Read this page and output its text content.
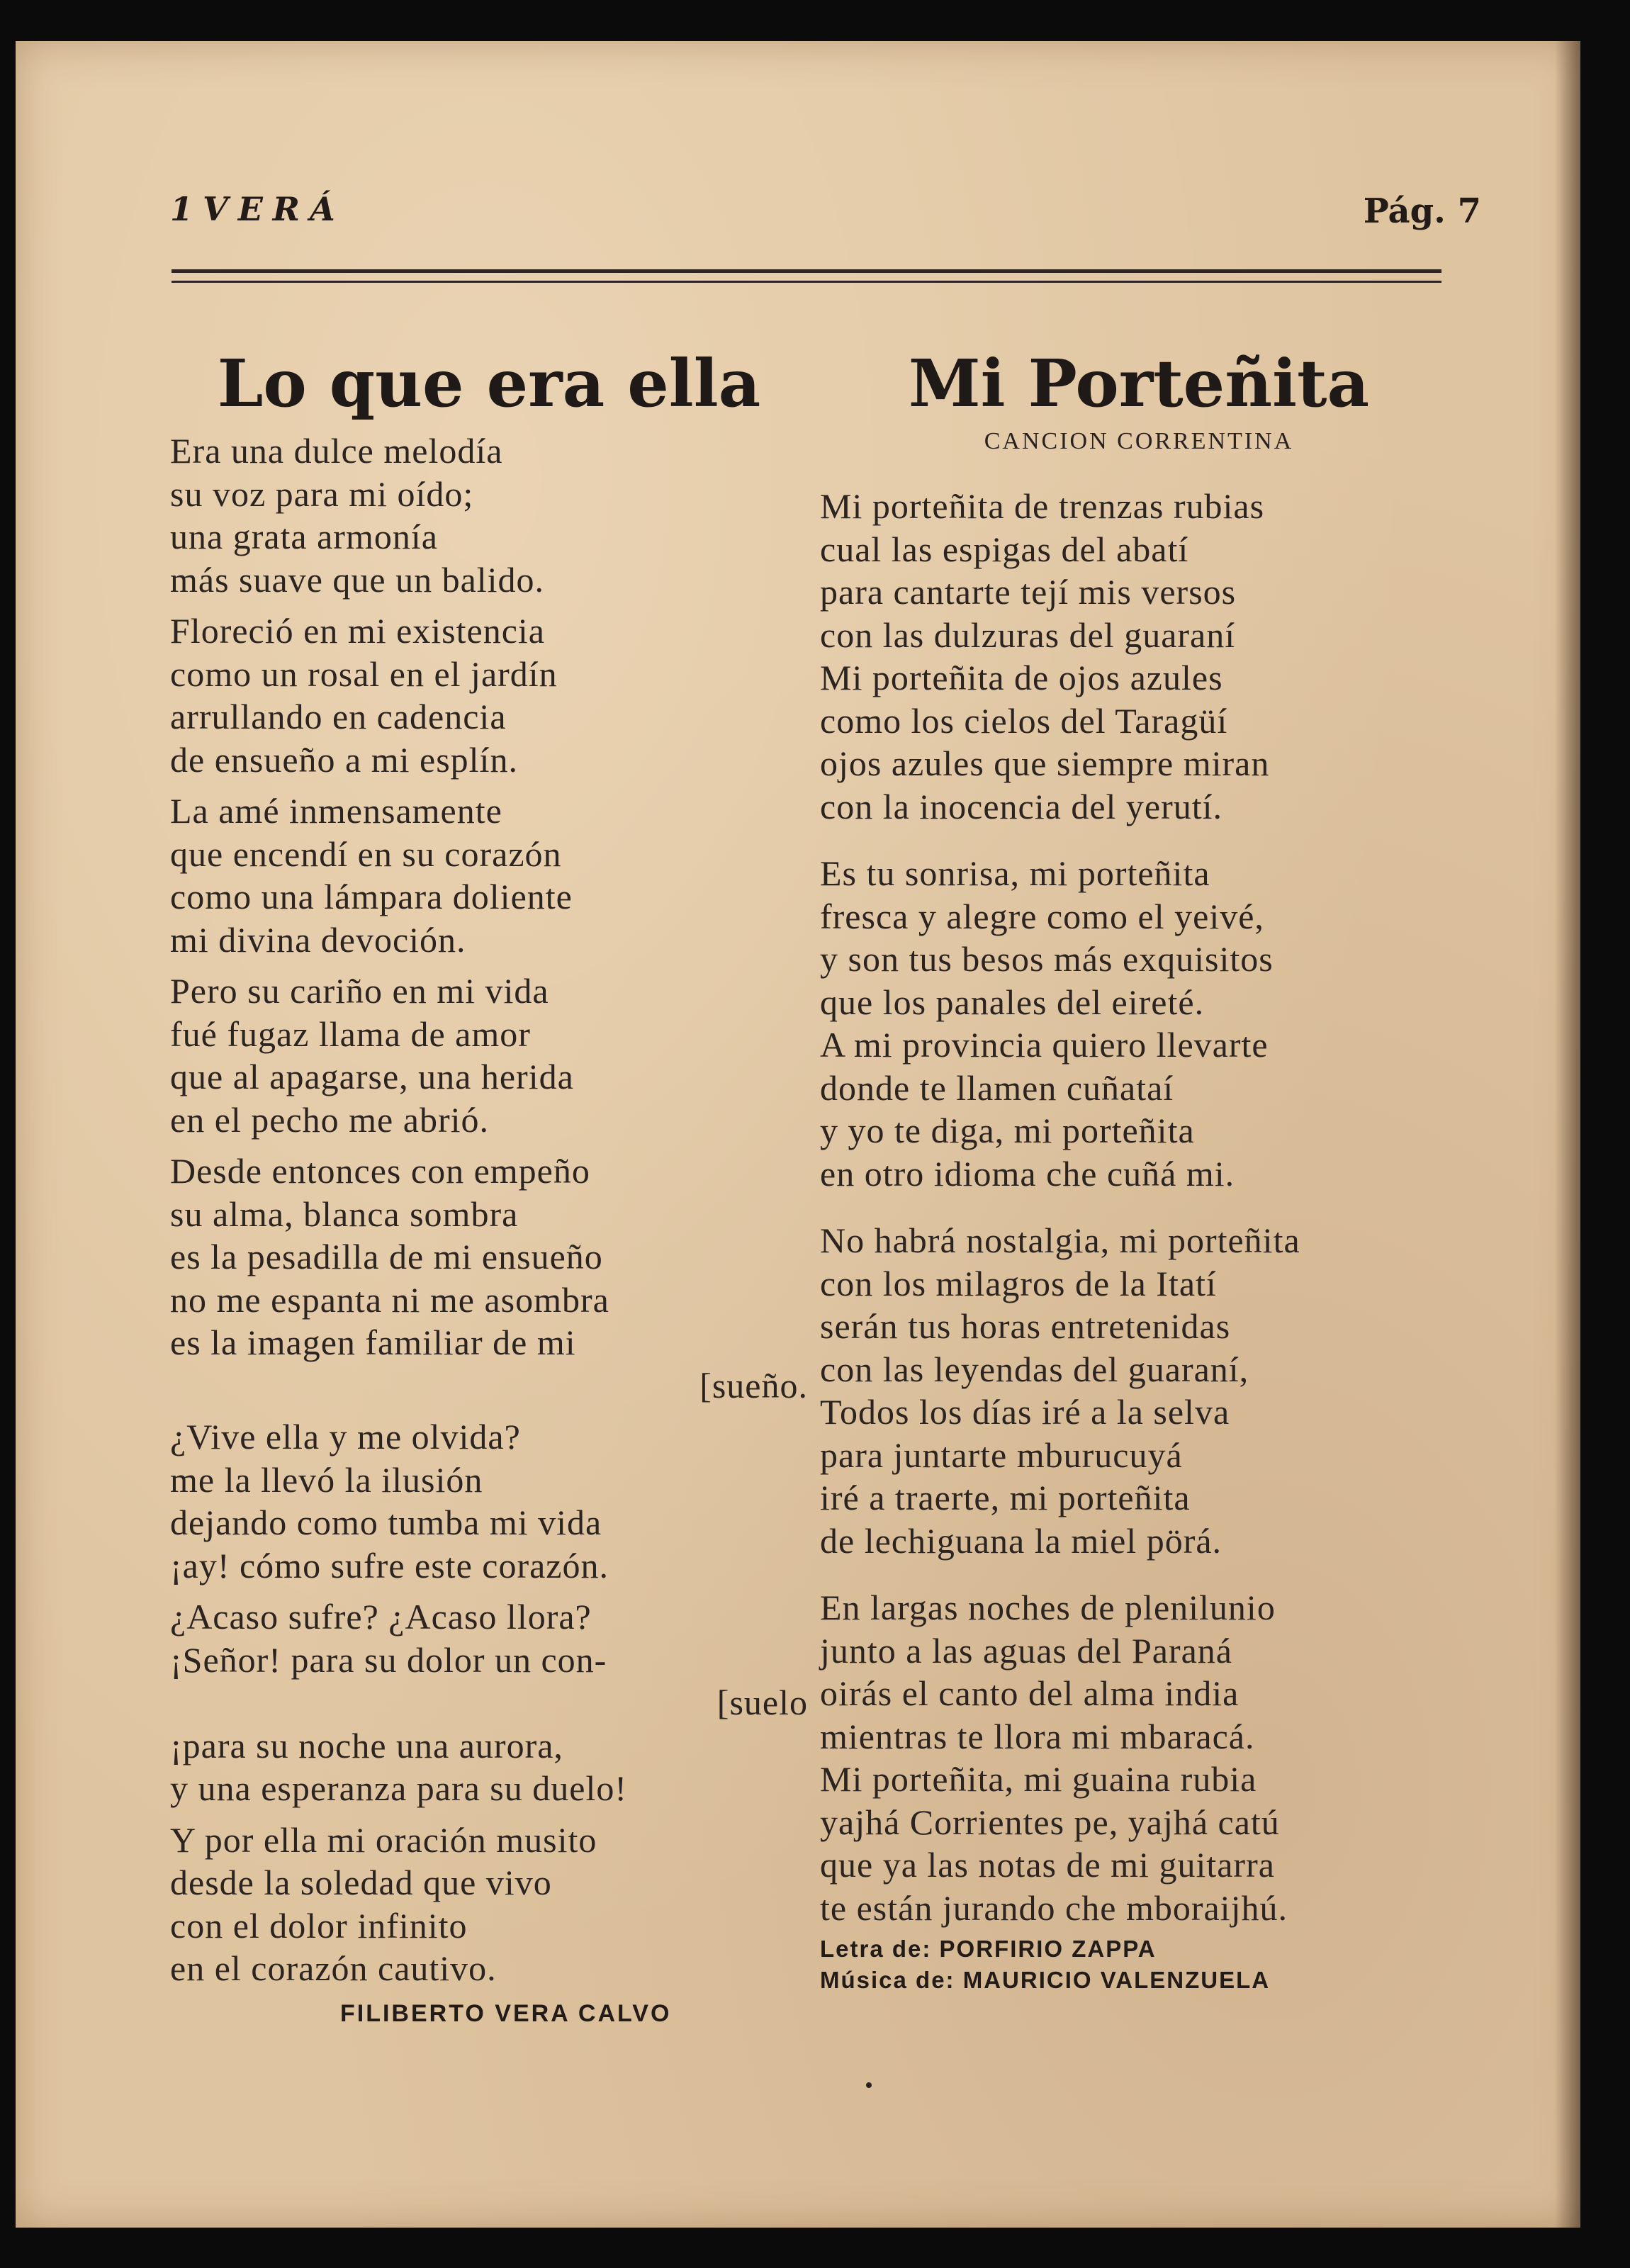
1VERÁ	Pág. 7
Lo que era ella
Era una dulce melodía
su voz para mi oído;
una grata armonía
más suave que un balido.
Floreció en mi existencia
como un rosal en el jardín
arrullando en cadencia
de ensueño a mi esplín.
La amé inmensamente
que encendí en su corazón
como una lámpara doliente
mi divina devoción.
Pero su cariño en mi vida
fué fugaz llama de amor
que al apagarse, una herida
en el pecho me abrió.
Desde entonces con empeño
su alma, blanca sombra
es la pesadilla de mi ensueño
no me espanta ni me asombra
es la imagen familiar de mi
[sueño.
¿Vive ella y me olvida?
me la llevó la ilusión
dejando como tumba mi vida
¡ay! cómo sufre este corazón.
¿Acaso sufre? ¿Acaso llora?
¡Señor! para su dolor un con-
[suelo
¡para su noche una aurora,
y una esperanza para su duelo!
Y por ella mi oración musito
desde la soledad que vivo
con el dolor infinito
en el corazón cautivo.
FILIBERTO VERA CALVO
Mi Porteñita
CANCION CORRENTINA
Mi porteñita de trenzas rubias
cual las espigas del abatí
para cantarte tejí mis versos
con las dulzuras del guaraní
Mi porteñita de ojos azules
como los cielos del Taragüí
ojos azules que siempre miran
con la inocencia del yerutí.
Es tu sonrisa, mi porteñita
fresca y alegre como el yeivé,
y son tus besos más exquisitos
que los panales del eireté.
A mi provincia quiero llevarte
donde te llamen cuñataí
y yo te diga, mi porteñita
en otro idioma che cuñá mi.
No habrá nostalgia, mi porteñita
con los milagros de la Itatí
serán tus horas entretenidas
con las leyendas del guaraní,
Todos los días iré a la selva
para juntarte mburucuyá
iré a traerte, mi porteñita
de lechiguana la miel pörá.
En largas noches de plenilunio
junto a las aguas del Paraná
oirás el canto del alma india
mientras te llora mi mbaracá.
Mi porteñita, mi guaina rubia
yajhá Corrientes pe, yajhá catú
que ya las notas de mi guitarra
te están jurando che mboraijhú.
Letra de: PORFIRIO ZAPPA
Música de: MAURICIO VALENZUELA
